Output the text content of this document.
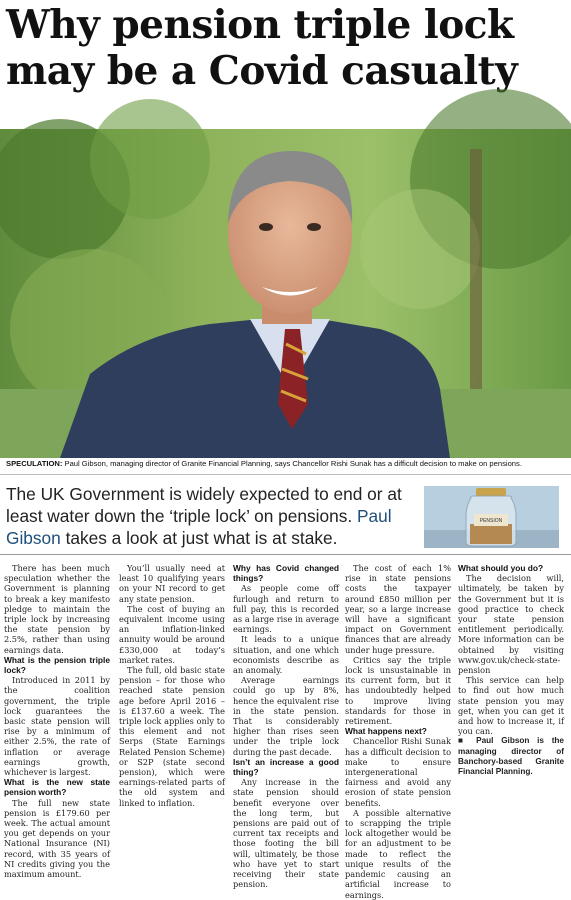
Why pension triple lock may be a Covid casualty
SPECULATION: Paul Gibson, managing director of Granite Financial Planning, says Chancellor Rishi Sunak has a difficult decision to make on pensions.

The UK Government is widely expected to end or at least water down the ‘triple lock’ on pensions. Paul Gibson takes a look at just what is at stake.

PENSION

There has been much speculation whether the Government is planning to break a key manifesto pledge to maintain the triple lock by increasing the state pension by 2.5%, rather than using earnings data.

What is the pension triple lock?

Introduced in 2011 by the coalition government, the triple lock guarantees the basic state pension will rise by a minimum of either 2.5%, the rate of inflation or average earnings growth, whichever is largest.

What is the new state pension worth?

The full new state pension is £179.60 per week. The actual amount you get depends on your National Insurance (NI) record, with 35 years of NI credits giving you the maximum amount.

You’ll usually need at least 10 qualifying years on your NI record to get any state pension.

The cost of buying an equivalent income using an inflation-linked annuity would be around £330,000 at today’s market rates.

The full, old basic state pension – for those who reached state pension age before April 2016 – is £137.60 a week. The triple lock applies only to this element and not Serps (State Earnings Related Pension Scheme) or S2P (state second pension), which were earnings-related parts of the old system and linked to inflation.

Why has Covid changed things?

As people come off furlough and return to full pay, this is recorded as a large rise in average earnings.

It leads to a unique situation, and one which economists describe as an anomaly.

Average earnings could go up by 8%, hence the equivalent rise in the state pension. That is considerably higher than rises seen under the triple lock during the past decade.

Isn’t an increase a good thing?

Any increase in the state pension should benefit everyone over the long term, but pensions are paid out of current tax receipts and those footing the bill will, ultimately, be those who have yet to start receiving their state pension.

The cost of each 1% rise in state pensions costs the taxpayer around £850 million per year, so a large increase will have a significant impact on Government finances that are already under huge pressure.

Critics say the triple lock is unsustainable in its current form, but it has undoubtedly helped to improve living standards for those in retirement.

What happens next?

Chancellor Rishi Sunak has a difficult decision to make to ensure intergenerational fairness and avoid any erosion of state pension benefits.

A possible alternative to scrapping the triple lock altogether would be for an adjustment to be made to reflect the unique results of the pandemic causing an artificial increase to earnings.

What should you do?

The decision will, ultimately, be taken by the Government but it is good practice to check your state pension entitlement periodically. More information can be obtained by visiting www.gov.uk/check-state-pension

This service can help to find out how much state pension you may get, when you can get it and how to increase it, if you can.

■ Paul Gibson is the managing director of Banchory-based Granite Financial Planning.
